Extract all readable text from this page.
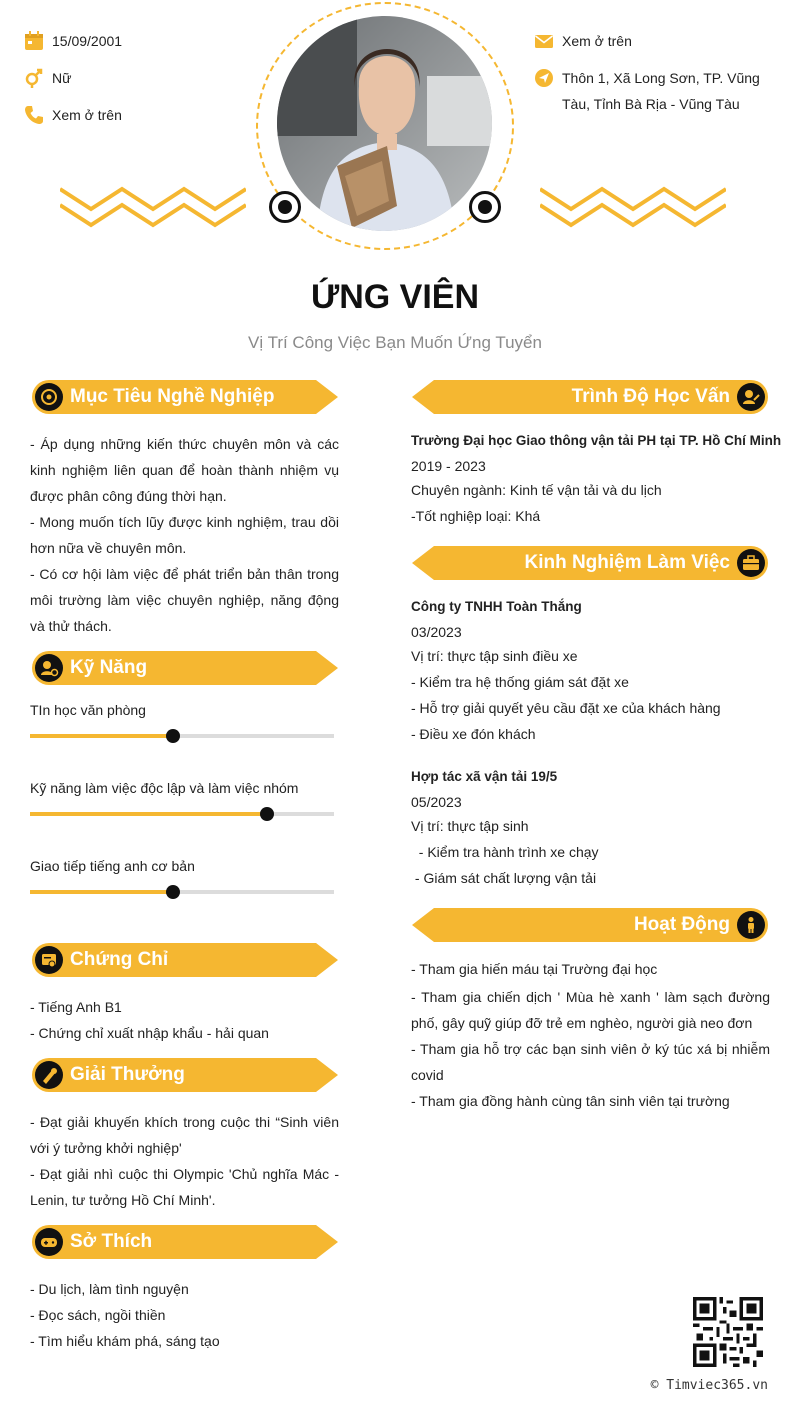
15/09/2001
Nữ
Xem ở trên
Xem ở trên
Thôn 1, Xã Long Sơn, TP. Vũng Tàu, Tỉnh Bà Rịa - Vũng Tàu
ỨNG VIÊN
Vị Trí Công Việc Bạn Muốn Ứng Tuyển
Mục Tiêu Nghề Nghiệp
- Áp dụng những kiến thức chuyên môn và các kinh nghiệm liên quan để hoàn thành nhiệm vụ được phân công đúng thời hạn.
- Mong muốn tích lũy được kinh nghiệm, trau dồi hơn nữa về chuyên môn.
- Có cơ hội làm việc để phát triển bản thân trong môi trường làm việc chuyên nghiệp, năng động và thử thách.
Kỹ Năng
TIn học văn phòng
Kỹ năng làm việc độc lập và làm việc nhóm
Giao tiếp tiếng anh cơ bản
Chứng Chỉ
- Tiếng Anh B1
- Chứng chỉ xuất nhập khẩu - hải quan
Giải Thưởng
- Đạt giải khuyến khích trong cuộc thi “Sinh viên với ý tưởng khởi nghiệp'
- Đạt giải nhì cuộc thi Olympic 'Chủ nghĩa Mác - Lenin, tư tưởng Hồ Chí Minh'.
Sở Thích
- Du lịch, làm tình nguyện
- Đọc sách, ngồi thiền
- Tìm hiểu khám phá, sáng tạo
Trình Độ Học Vấn
Trường Đại học Giao thông vận tải PH tại TP. Hồ Chí Minh
2019 - 2023
Chuyên ngành: Kinh tế vận tải và du lịch
-Tốt nghiệp loại: Khá
Kinh Nghiệm Làm Việc
Công ty TNHH Toàn Thắng
03/2023
Vị trí: thực tập sinh điều xe
- Kiểm tra hệ thống giám sát đặt xe
- Hỗ trợ giải quyết yêu cầu đặt xe của khách hàng
- Điều xe đón khách
Hợp tác xã vận tải 19/5
05/2023
Vị trí: thực tập sinh
- Kiểm tra hành trình xe chạy
- Giám sát chất lượng vận tải
Hoạt Động
- Tham gia hiến máu tại Trường đại học
- Tham gia chiến dịch ' Mùa hè xanh ' làm sạch đường phố, gây quỹ giúp đỡ trẻ em nghèo, người già neo đơn
- Tham gia hỗ trợ các bạn sinh viên ở ký túc xá bị nhiễm covid
- Tham gia đồng hành cùng tân sinh viên tại trường
© Timviec365.vn
